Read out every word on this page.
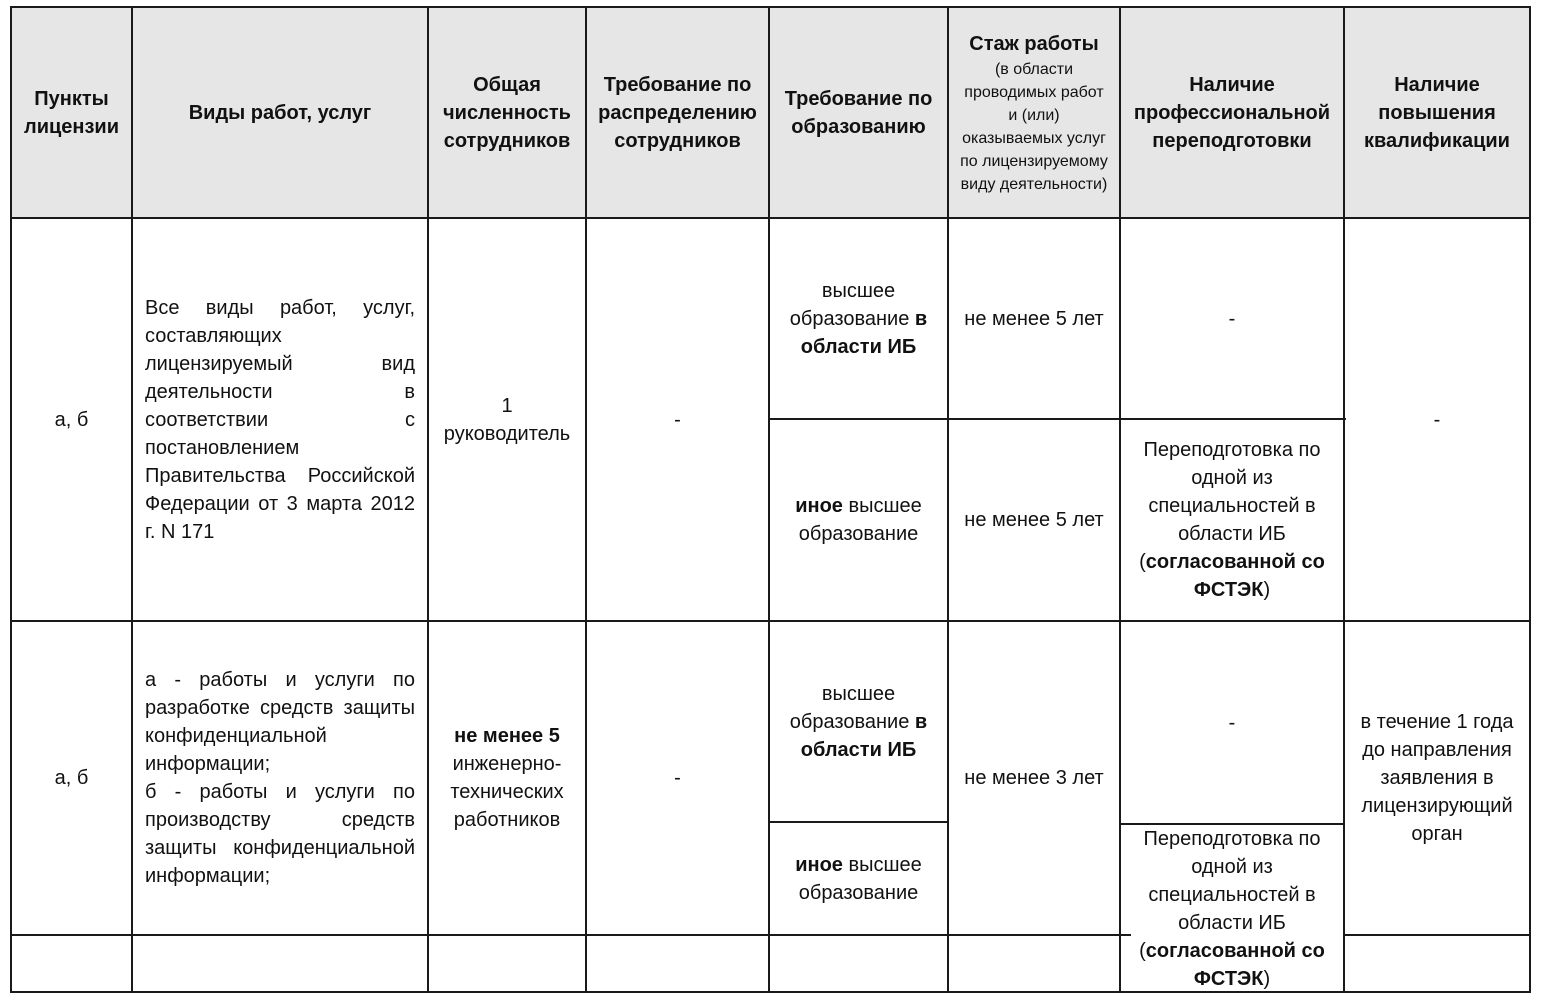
Пункты лицензии
Виды работ, услуг
Общая численность сотрудников
Требование по распределению сотрудников
Требование по образованию
Стаж работы
(в области проводимых работ и (или) оказываемых услуг по лицензируемому виду деятельности)
Наличие профессиональной переподготовки
Наличие повышения квалификации
а, б
Все виды работ, услуг, составляющих лицензируемый вид деятельности в соответствии с постановлением Правительства Российской Федерации от 3 марта 2012 г. N 171
1
руководитель
-
высшее образование в области ИБ
не менее 5 лет	-
иное высшее образование
не менее 5 лет
Переподготовка по одной из специальностей в области ИБ (согласованной со ФСТЭК)
-
а, б
а - работы и услуги по разработке средств защиты конфиденциальной информации;
б - работы и услуги по производству средств защиты конфиденциальной информации;
не менее 5
инженерно-технических работников
-
высшее образование в области ИБ
иное высшее образование
не менее 3 лет
-
Переподготовка по одной из специальностей в области ИБ (согласованной со ФСТЭК)
в течение 1 года до направления заявления в лицензирующий орган
